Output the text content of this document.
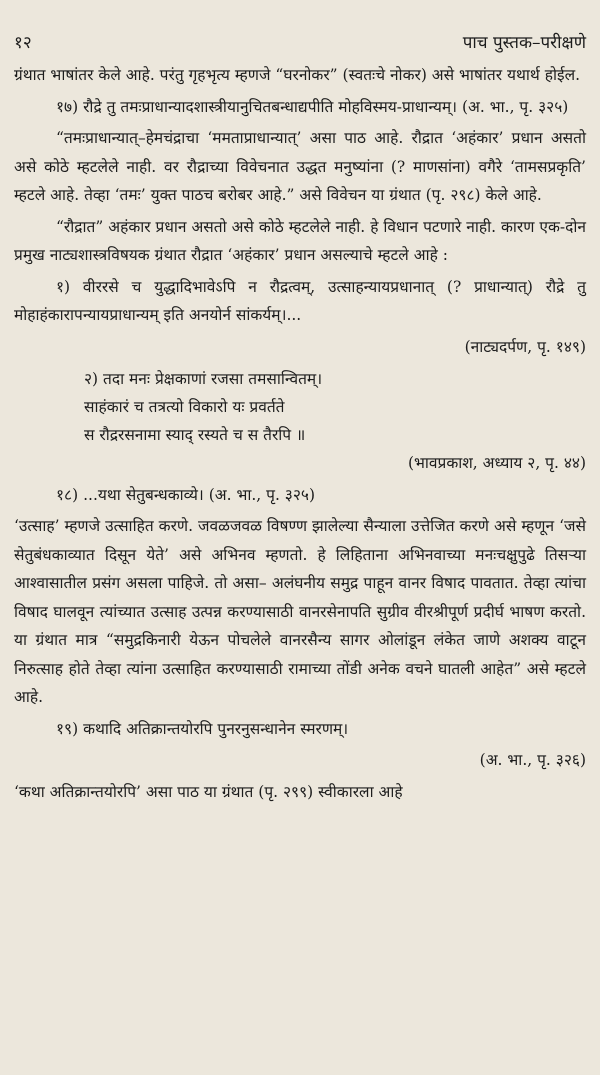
१२	पाच पुस्तक–परीक्षणे

ग्रंथात भाषांतर केले आहे. परंतु गृहभृत्य म्हणजे “घरनोकर” (स्वतःचे नोकर) असे भाषांतर यथार्थ होईल.

१७) रौद्रे तु तमःप्राधान्यादशास्त्रीयानुचितबन्धाद्यपीति मोहविस्मय-प्राधान्यम्। (अ. भा., पृ. ३२५)

“तमःप्राधान्यात्–हेमचंद्राचा ‘ममताप्राधान्यात्’ असा पाठ आहे. रौद्रात ‘अहंकार’ प्रधान असतो असे कोठे म्हटलेले नाही. वर रौद्राच्या विवेचनात उद्धत मनुष्यांना (? माणसांना) वगैरे ‘तामसप्रकृति’ म्हटले आहे. तेव्हा ‘तमः’ युक्त पाठच बरोबर आहे.” असे विवेचन या ग्रंथात (पृ. २९८) केले आहे.

“रौद्रात” अहंकार प्रधान असतो असे कोठे म्हटलेले नाही. हे विधान पटणारे नाही. कारण एक-दोन प्रमुख नाट्यशास्त्रविषयक ग्रंथात रौद्रात ‘अहंकार’ प्रधान असल्याचे म्हटले आहे :

१) वीररसे च युद्धादिभावेऽपि न रौद्रत्वम्, उत्साहन्यायप्रधानात् (? प्राधान्यात्) रौद्रे तु मोहाहंकारापन्यायप्राधान्यम् इति अनयोर्न सांकर्यम्।...

(नाट्यदर्पण, पृ. १४९)

२) तदा मनः प्रेक्षकाणां रजसा तमसान्वितम्।
साहंकारं च तत्रत्यो विकारो यः प्रवर्तते
स रौद्ररसनामा स्याद् रस्यते च स तैरपि ॥

(भावप्रकाश, अध्याय २, पृ. ४४)

१८) ...यथा सेतुबन्धकाव्ये। (अ. भा., पृ. ३२५)

‘उत्साह’ म्हणजे उत्साहित करणे. जवळजवळ विषण्ण झालेल्या सैन्याला उत्तेजित करणे असे म्हणून ‘जसे सेतुबंधकाव्यात दिसून येते’ असे अभिनव म्हणतो. हे लिहिताना अभिनवाच्या मनःचक्षुपुढे तिसऱ्या आश्वासातील प्रसंग असला पाहिजे. तो असा– अलंघनीय समुद्र पाहून वानर विषाद पावतात. तेव्हा त्यांचा विषाद घालवून त्यांच्यात उत्साह उत्पन्न करण्यासाठी वानरसेनापति सुग्रीव वीरश्रीपूर्ण प्रदीर्घ भाषण करतो. या ग्रंथात मात्र “समुद्रकिनारी येऊन पोचलेले वानरसैन्य सागर ओलांडून लंकेत जाणे अशक्य वाटून निरुत्साह होते तेव्हा त्यांना उत्साहित करण्यासाठी रामाच्या तोंडी अनेक वचने घातली आहेत” असे म्हटले आहे.

१९) कथादि अतिक्रान्तयोरपि पुनरनुसन्धानेन स्मरणम्।

(अ. भा., पृ. ३२६)

‘कथा अतिक्रान्तयोरपि’ असा पाठ या ग्रंथात (पृ. २९९) स्वीकारला आहे
